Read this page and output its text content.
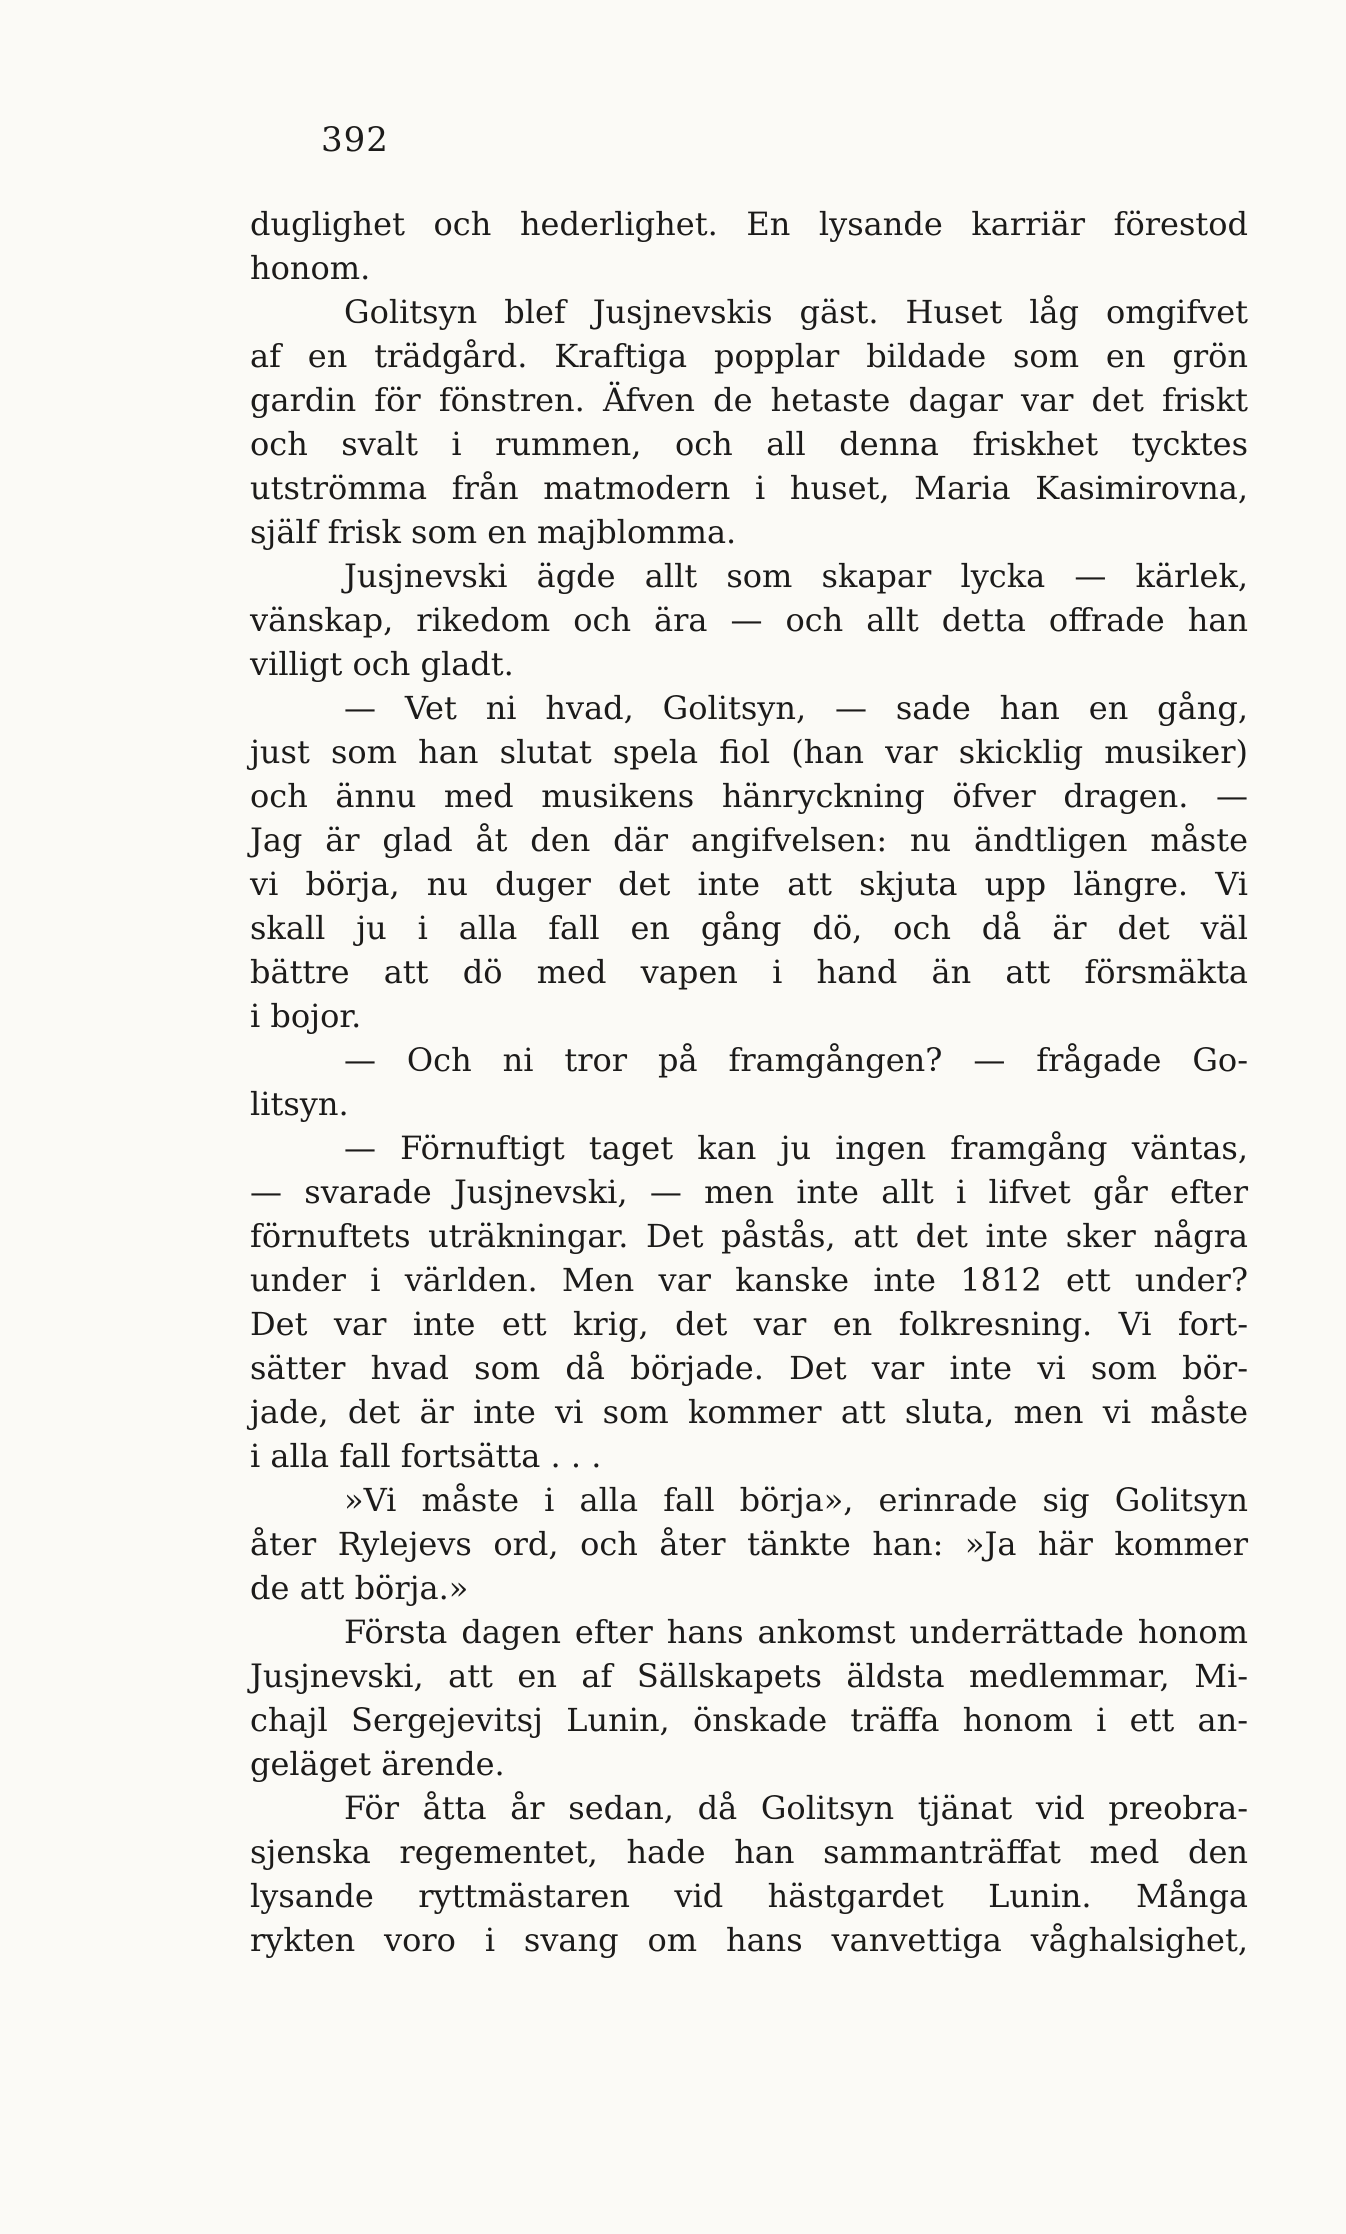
392
duglighet och hederlighet. En lysande karriär förestod
honom.
Golitsyn blef Jusjnevskis gäst. Huset låg omgifvet
af en trädgård. Kraftiga popplar bildade som en grön
gardin för fönstren. Äfven de hetaste dagar var det friskt
och svalt i rummen, och all denna friskhet tycktes
utströmma från matmodern i huset, Maria Kasimirovna,
själf frisk som en majblomma.
Jusjnevski ägde allt som skapar lycka — kärlek,
vänskap, rikedom och ära — och allt detta offrade han
villigt och gladt.
— Vet ni hvad, Golitsyn, — sade han en gång,
just som han slutat spela fiol (han var skicklig musiker)
och ännu med musikens hänryckning öfver dragen. —
Jag är glad åt den där angifvelsen: nu ändtligen måste
vi börja, nu duger det inte att skjuta upp längre. Vi
skall ju i alla fall en gång dö, och då är det väl
bättre att dö med vapen i hand än att försmäkta
i bojor.
— Och ni tror på framgången? — frågade Go-
litsyn.
— Förnuftigt taget kan ju ingen framgång väntas,
— svarade Jusjnevski, — men inte allt i lifvet går efter
förnuftets uträkningar. Det påstås, att det inte sker några
under i världen. Men var kanske inte 1812 ett under?
Det var inte ett krig, det var en folkresning. Vi fort-
sätter hvad som då började. Det var inte vi som bör-
jade, det är inte vi som kommer att sluta, men vi måste
i alla fall fortsätta . . .
»Vi måste i alla fall börja», erinrade sig Golitsyn
åter Rylejevs ord, och åter tänkte han: »Ja här kommer
de att börja.»
Första dagen efter hans ankomst underrättade honom
Jusjnevski, att en af Sällskapets äldsta medlemmar, Mi-
chajl Sergejevitsj Lunin, önskade träffa honom i ett an-
geläget ärende.
För åtta år sedan, då Golitsyn tjänat vid preobra-
sjenska regementet, hade han sammanträffat med den
lysande ryttmästaren vid hästgardet Lunin. Många
rykten voro i svang om hans vanvettiga våghalsighet,
